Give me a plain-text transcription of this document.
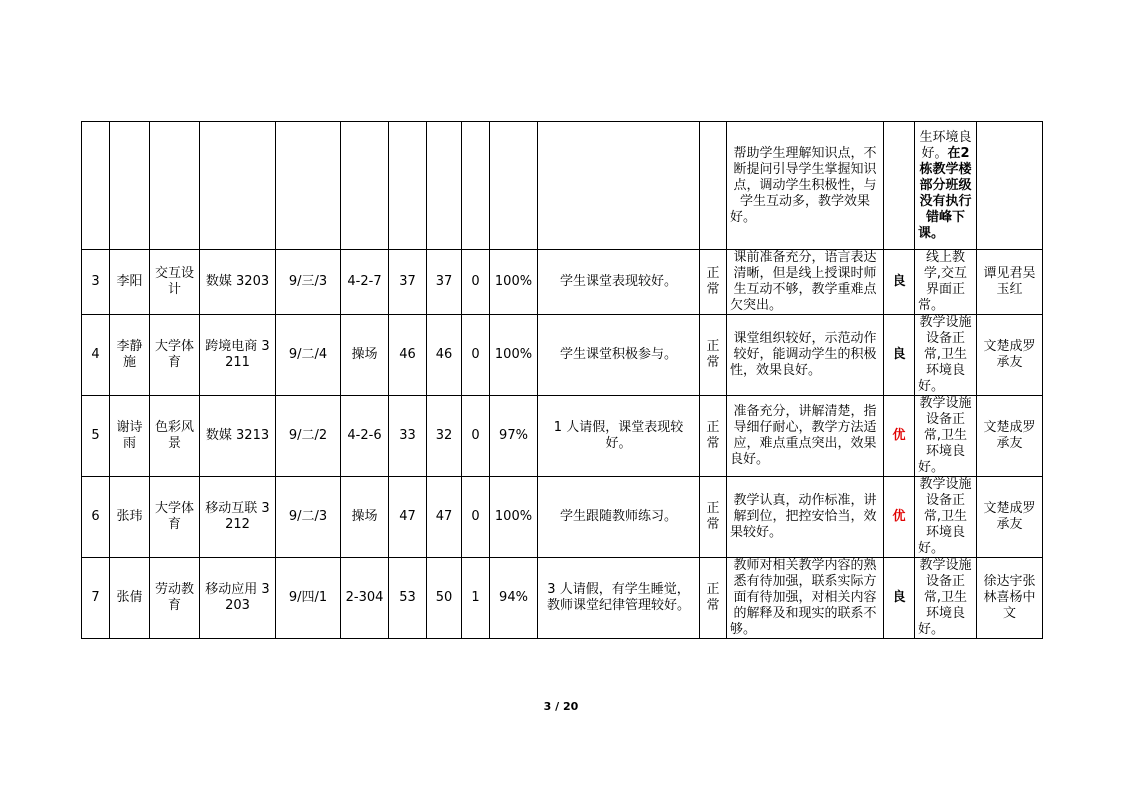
												帮助学生理解知识点，不断提问引导学生掌握知识点，调动学生积极性，与学生互动多，教学效果好。		生环境良好。在2栋教学楼部分班级没有执行错峰下课。	
3	李阳	交互设计	数媒 3203	9/三/3	4-2-7	37	37	0	100%	学生课堂表现较好。	正常	课前准备充分，语言表达清晰，但是线上授课时师生互动不够，教学重难点欠突出。	良	线上教学,交互界面正常。	谭见君吴玉红
4	李静施	大学体育	跨境电商 3211	9/二/4	操场	46	46	0	100%	学生课堂积极参与。	正常	课堂组织较好，示范动作较好，能调动学生的积极性，效果良好。	良	教学设施设备正常,卫生环境良好。	文楚成罗承友
5	谢诗雨	色彩风景	数媒 3213	9/二/2	4-2-6	33	32	0	97%	1 人请假，课堂表现较好。	正常	准备充分，讲解清楚，指导细仔耐心，教学方法适应，难点重点突出，效果良好。	优	教学设施设备正常,卫生环境良好。	文楚成罗承友
6	张玮	大学体育	移动互联 3212	9/二/3	操场	47	47	0	100%	学生跟随教师练习。	正常	教学认真，动作标准，讲解到位，把控安恰当，效果较好。	优	教学设施设备正常,卫生环境良好。	文楚成罗承友
7	张倩	劳动教育	移动应用 3203	9/四/1	2-304	53	50	1	94%	3 人请假，有学生睡觉，教师课堂纪律管理较好。	正常	教师对相关教学内容的熟悉有待加强，联系实际方面有待加强，对相关内容的解释及和现实的联系不够。	良	教学设施设备正常,卫生环境良好。	徐达宇张林喜杨中文
3 / 20
